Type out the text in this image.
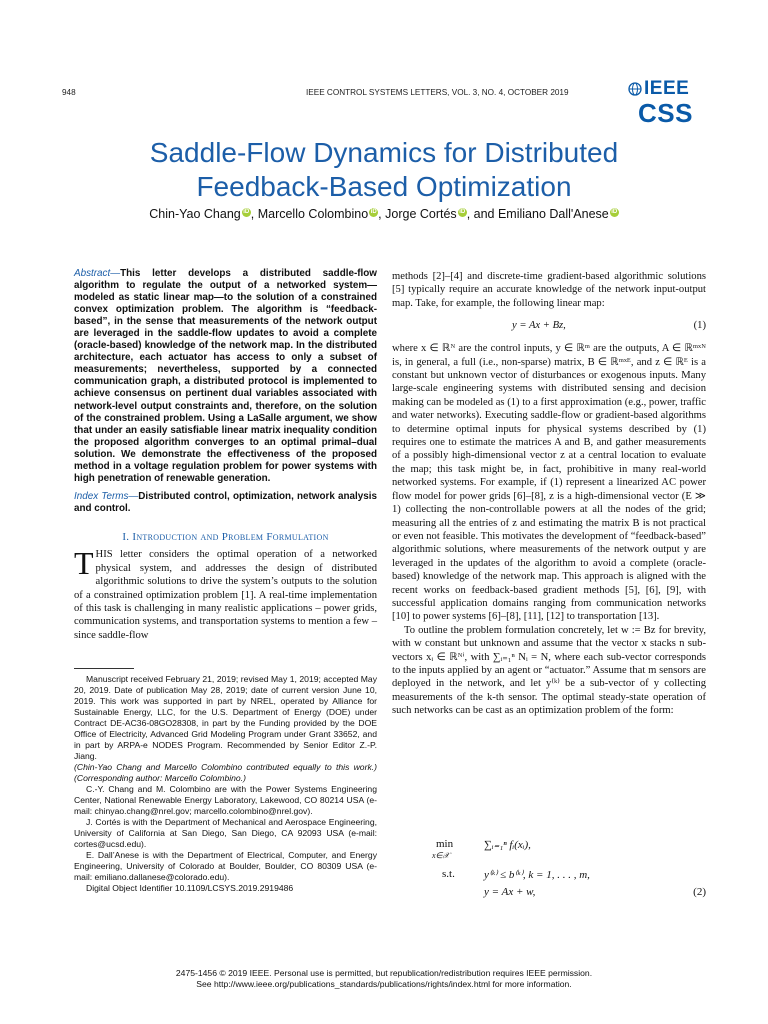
948	IEEE CONTROL SYSTEMS LETTERS, VOL. 3, NO. 4, OCTOBER 2019	IEEE
CSS
Saddle-Flow Dynamics for Distributed
Feedback-Based Optimization
Chin-Yao Chang iD , Marcello Colombino iD , Jorge Cortés iD , and Emiliano Dall'Anese iD

Abstract—This letter develops a distributed saddle-flow algorithm to regulate the output of a networked system—modeled as static linear map—to the solution of a constrained convex optimization problem. The algorithm is “feedback-based”, in the sense that measurements of the network output are leveraged in the saddle-flow updates to avoid a complete (oracle-based) knowledge of the network map. In the distributed architecture, each actuator has access to only a subset of measurements; nevertheless, supported by a connected communication graph, a distributed protocol is implemented to achieve consensus on pertinent dual variables associated with network-level output constraints and, therefore, on the solution of the constrained problem. Using a LaSalle argument, we show that under an easily satisfiable linear matrix inequality condition the proposed algorithm converges to an optimal primal–dual solution. We demonstrate the effectiveness of the proposed method in a voltage regulation problem for power systems with high penetration of renewable generation.

Index Terms—Distributed control, optimization, network analysis and control.

I. Introduction and Problem Formulation

THIS letter considers the optimal operation of a networked physical system, and addresses the design of distributed algorithmic solutions to drive the system’s outputs to the solution of a constrained optimization problem [1]. A real-time implementation of this task is challenging in many realistic applications – power grids, communication systems, and transportation systems to mention a few – since saddle-flow

Manuscript received February 21, 2019; revised May 1, 2019; accepted May 20, 2019. Date of publication May 28, 2019; date of current version June 10, 2019. This work was supported in part by NREL, operated by Alliance for Sustainable Energy, LLC, for the U.S. Department of Energy (DOE) under Contract DE-AC36-08GO28308, in part by the Funding provided by the DOE Office of Electricity, Advanced Grid Modeling Program under Grant 33652, and in part by ARPA-e NODES Program. Recommended by Senior Editor Z.-P. Jiang.

(Chin-Yao Chang and Marcello Colombino contributed equally to this work.) (Corresponding author: Marcello Colombino.)

C.-Y. Chang and M. Colombino are with the Power Systems Engineering Center, National Renewable Energy Laboratory, Lakewood, CO 80214 USA (e-mail: chinyao.chang@nrel.gov; marcello.colombino@nrel.gov).

J. Cortés is with the Department of Mechanical and Aerospace Engineering, University of California at San Diego, San Diego, CA 92093 USA (e-mail: cortes@ucsd.edu).

E. Dall’Anese is with the Department of Electrical, Computer, and Energy Engineering, University of Colorado at Boulder, Boulder, CO 80309 USA (e-mail: emiliano.dallanese@colorado.edu).

Digital Object Identifier 10.1109/LCSYS.2019.2919486

methods [2]–[4] and discrete-time gradient-based algorithmic solutions [5] typically require an accurate knowledge of the network input-output map. Take, for example, the following linear map:

y = Ax + Bz,	(1)

where x ∈ ℝᴺ are the control inputs, y ∈ ℝᵐ are the outputs, A ∈ ℝᵐˣᴺ is, in general, a full (i.e., non-sparse) matrix, B ∈ ℝᵐˣᴱ, and z ∈ ℝᴱ is a constant but unknown vector of disturbances or exogenous inputs. Many large-scale engineering systems with distributed sensing and decision making can be modeled as (1) to a first approximation (e.g., power, traffic and water networks). Executing saddle-flow or gradient-based algorithms to determine optimal inputs for physical systems described by (1) requires one to estimate the matrices A and B, and gather measurements of a possibly high-dimensional vector z at a central location to evaluate the map; this task might be, in fact, prohibitive in many real-world networked systems. For example, if (1) represent a linearized AC power flow model for power grids [6]–[8], z is a high-dimensional vector (E ≫ 1) collecting the non-controllable powers at all the nodes of the grid; measuring all the entries of z and estimating the matrix B is not practical or even not feasible. This motivates the development of “feedback-based” algorithmic solutions, where measurements of the network output y are leveraged in the updates of the algorithm to avoid a complete (oracle-based) knowledge of the network map. This approach is aligned with the recent works on feedback-based gradient methods [5], [6], [9], with successful application domains ranging from communication networks [10] to power systems [6]–[8], [11], [12] to transportation [13].

To outline the problem formulation concretely, let w := Bz for brevity, with w constant but unknown and assume that the vector x stacks n sub-vectors xᵢ ∈ ℝᴺⁱ, with ∑ᵢ₌₁ⁿ Nᵢ = N, where each sub-vector corresponds to the inputs applied by an agent or “actuator.” Assume that m sensors are deployed in the network, and let y⁽ᵏ⁾ be a sub-vector of y collecting measurements of the k-th sensor. The optimal steady-state operation of such networks can be cast as an optimization problem of the form:

min
x∈𝒳
∑ᵢ₌₁ⁿ fᵢ(xᵢ),
s.t.	y⁽ᵏ⁾ ≤ b⁽ᵏ⁾, k = 1, . . . , m,
y = Ax + w,	(2)
2475-1456 © 2019 IEEE. Personal use is permitted, but republication/redistribution requires IEEE permission.
See http://www.ieee.org/publications_standards/publications/rights/index.html for more information.
